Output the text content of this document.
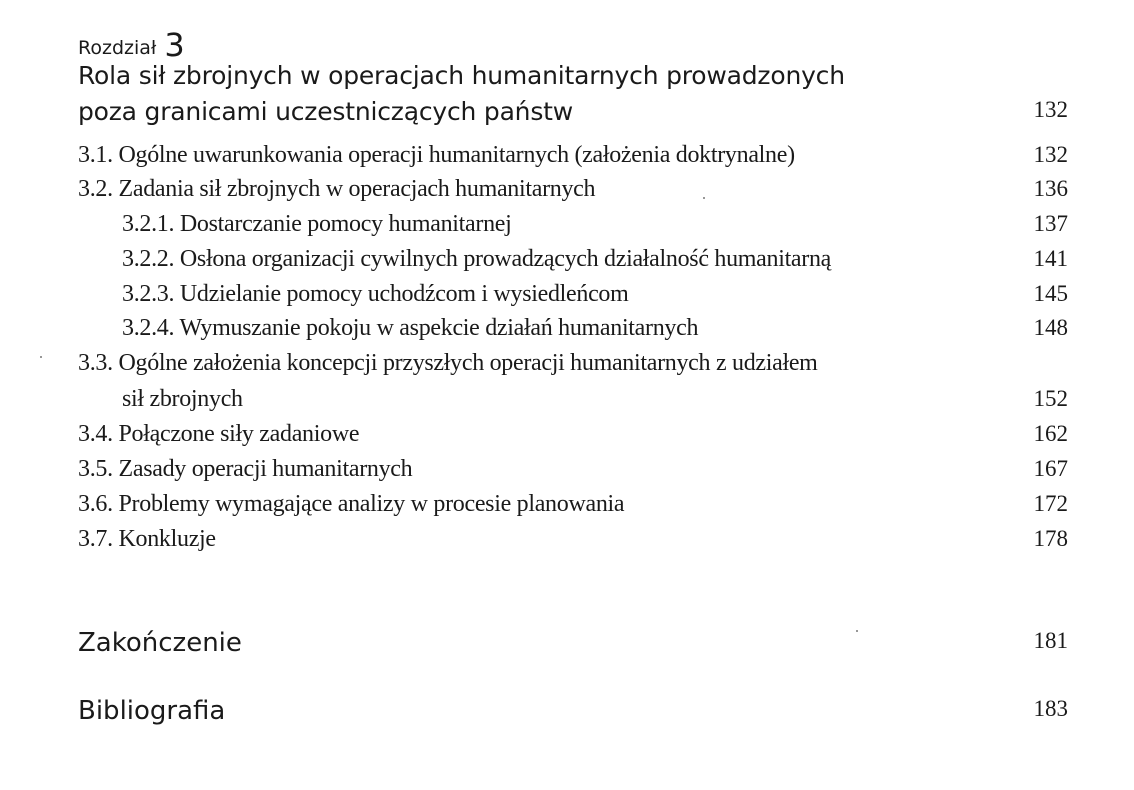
Rozdział 3
Rola sił zbrojnych w operacjach humanitarnych prowadzonych
poza granicami uczestniczących państw	132
3.1. Ogólne uwarunkowania operacji humanitarnych (założenia doktrynalne)	132
3.2. Zadania sił zbrojnych w operacjach humanitarnych	136
3.2.1. Dostarczanie pomocy humanitarnej	137
3.2.2. Osłona organizacji cywilnych prowadzących działalność humanitarną	141
3.2.3. Udzielanie pomocy uchodźcom i wysiedleńcom	145
3.2.4. Wymuszanie pokoju w aspekcie działań humanitarnych	148
3.3. Ogólne założenia koncepcji przyszłych operacji humanitarnych z udziałem
sił zbrojnych	152
3.4. Połączone siły zadaniowe	162
3.5. Zasady operacji humanitarnych	167
3.6. Problemy wymagające analizy w procesie planowania	172
3.7. Konkluzje	178
Zakończenie	181
Bibliografia	183
